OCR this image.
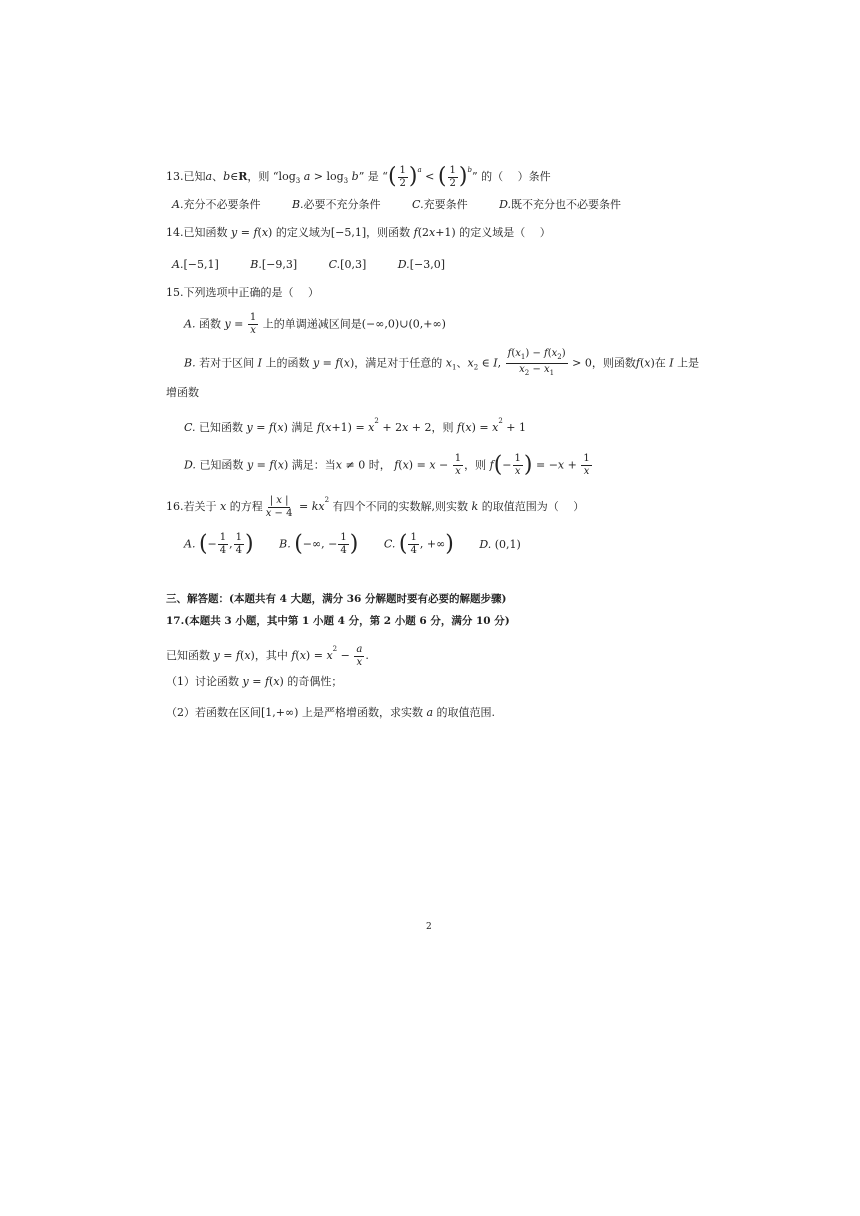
13.已知a、b∈R，则 “$\log_3$ $a > \log_3 b$” 是 “( $\frac{1}{2} )^a$ < ( $\frac{1}{2} )^b$” 的（　 ）条件
A.充分不必要条件	B.必要不充分条件	C.充要条件	D.既不充分也不必要条件
14.已知函数 y = f(x) 的定义域为[−5,1]，则函数 f(2x+1) 的定义域是（　 ）
A.[−5,1]	B.[−9,3]	C.[0,3]	D.[−3,0]
15.下列选项中正确的是（　 ）
A. 函数 $y = \frac{1}{x}$ 上的单调递减区间是(−∞,0)∪(0,+∞)
B. 若对于区间 I 上的函数 y = f(x)，满足对于任意的 $x_1$、$x_2$ ∈ I, $\frac{f(x_1) - f(x_2)}{x_2 - x_1} > 0$，则函数f(x)在 I 上是
增函数
C. 已知函数 y = f(x) 满足 $f(x+1) = x^2 + 2x + 2$，则 $f(x) = x^2 + 1$
D. 已知函数 y = f(x) 满足：当x ≠ 0 时， $f(x) = x - \frac{1}{x}$ ，则 $f(- \frac{1}{x}$ ) = $-x + \frac{1}{x}$
16.若关于 x 的方程 $\frac{| x |}{x - 4} = kx^2$ 有四个不同的实数解,则实数 k 的取值范围为（　 ）
A. (− $\frac{1}{4}$ , $\frac{1}{4}$ ) B. (−∞, − $\frac{1}{4}$ ) C. ( $\frac{1}{4}$ , +∞) D. (0,1)
三、解答题：(本题共有 4 大题，满分 36 分解题时要有必要的解题步骤)
17.(本题共 3 小题，其中第 1 小题 4 分，第 2 小题 6 分，满分 10 分)
已知函数 y = f(x)，其中 $f(x) = x^2 - \frac{a}{x}$ .
（1）讨论函数 y = f(x) 的奇偶性；
（2）若函数在区间[1,+∞) 上是严格增函数，求实数 a 的取值范围.
2
